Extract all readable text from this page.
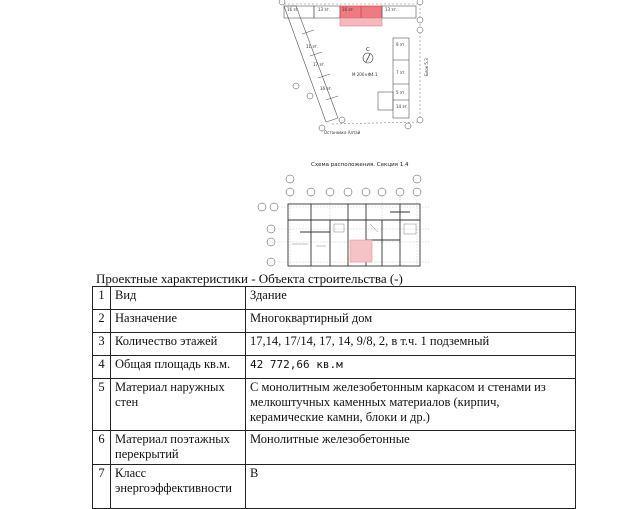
16 эт.	13 эт.	16 эт.	13 эт.
11 эт.
17 эт.
16 эт.
9 эт.
7 эт.
5 эт.
14 эт.
М 200×Ф4.1
Остановка Алтай
Блок 5.3
С
Схема расположения. Секция 1.4
Проектные характеристики - Объекта строительства (-)
1	Вид	Здание
2	Назначение	Многоквартирный дом
3	Количество этажей	17,14, 17/14, 17, 14, 9/8, 2, в т.ч. 1 подземный
4	Общая площадь кв.м.	42 772,66 кв.м
5	Материал наружных стен	С монолитным железобетонным каркасом и стенами из мелкоштучных каменных материалов (кирпич, керамические камни, блоки и др.)
6	Материал поэтажных перекрытий	Монолитные железобетонные
7	Класс энергоэффективности	В
